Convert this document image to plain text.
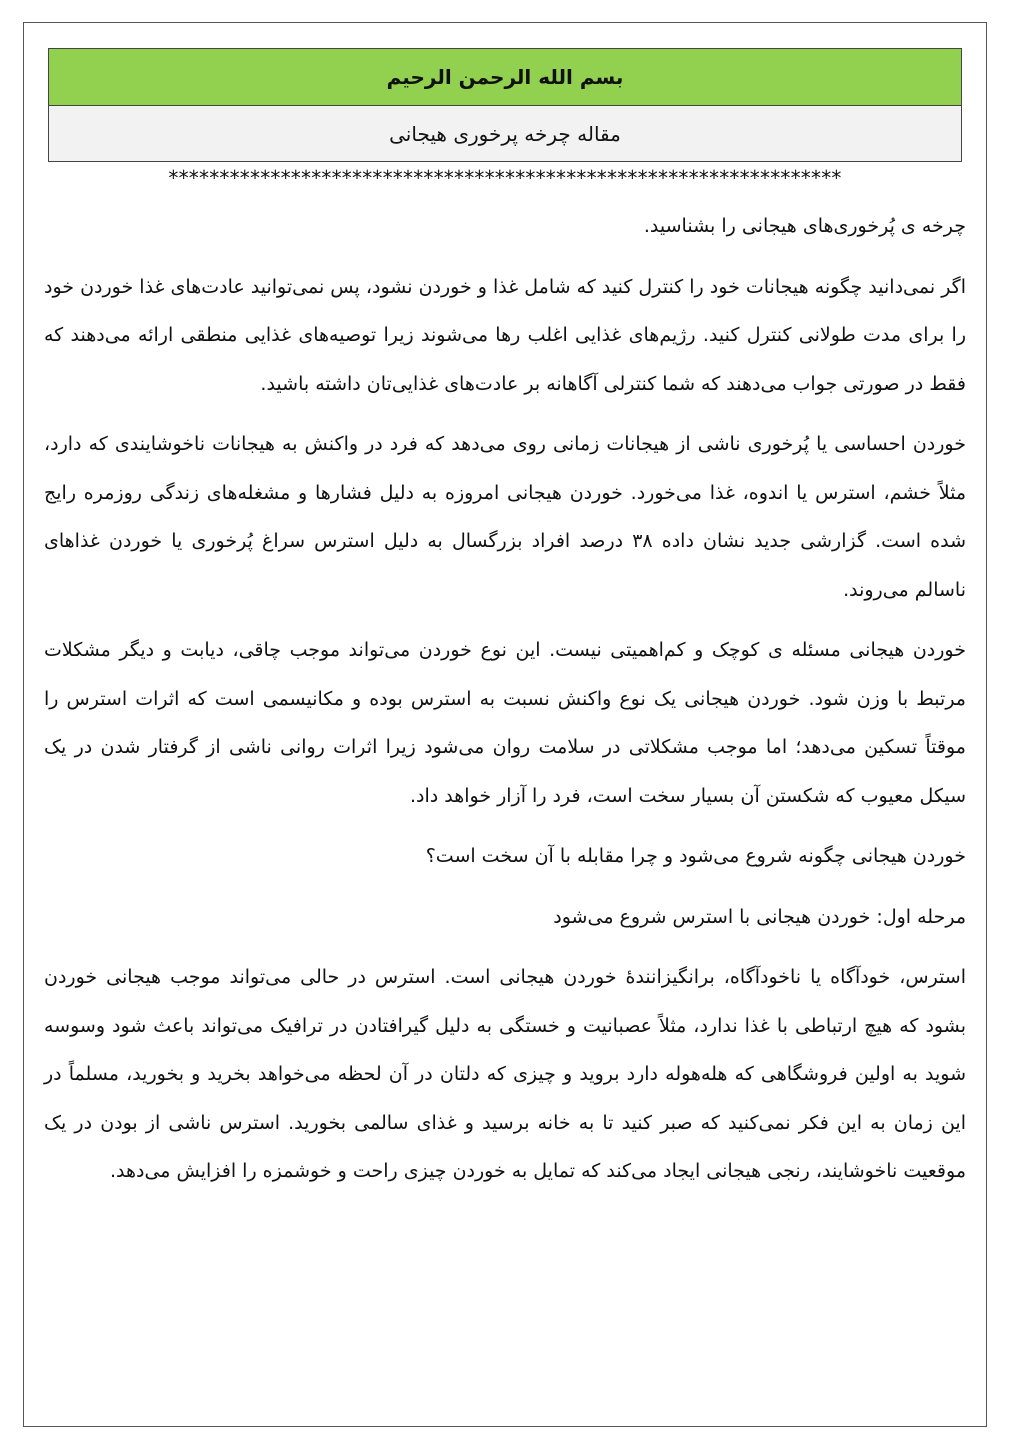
بسم الله الرحمن الرحیم
مقاله چرخه پرخوری هیجانی
******************************************************************

چرخه ی پُرخوری‌های هیجانی را بشناسید.

اگر نمی‌دانید چگونه هیجانات خود را کنترل کنید که شامل غذا و خوردن نشود، پس نمی‌توانید عادت‌های غذا خوردن خود را برای مدت طولانی کنترل کنید. رژیم‌های غذایی اغلب رها می‌شوند زیرا توصیه‌های غذایی منطقی ارائه می‌دهند که فقط در صورتی جواب می‌دهند که شما کنترلی آگاهانه بر عادت‌های غذایی‌تان داشته باشید.

خوردن احساسی یا پُرخوری ناشی از هیجانات زمانی روی می‌دهد که فرد در واکنش به هیجانات ناخوشایندی که دارد، مثلاً خشم، استرس یا اندوه، غذا می‌خورد. خوردن هیجانی امروزه به دلیل فشارها و مشغله‌های زندگی روزمره رایج شده است. گزارشی جدید نشان داده ۳۸ درصد افراد بزرگسال به دلیل استرس سراغ پُرخوری یا خوردن غذاهای ناسالم می‌روند.

خوردن هیجانی مسئله ی کوچک و کم‌اهمیتی نیست. این نوع خوردن می‌تواند موجب چاقی، دیابت و دیگر مشکلات مرتبط با وزن شود. خوردن هیجانی یک نوع واکنش نسبت به استرس بوده و مکانیسمی است که اثرات استرس را موقتاً تسکین می‌دهد؛ اما موجب مشکلاتی در سلامت روان می‌شود زیرا اثرات روانی ناشی از گرفتار شدن در یک سیکل معیوب که شکستن آن بسیار سخت است، فرد را آزار خواهد داد.

خوردن هیجانی چگونه شروع می‌شود و چرا مقابله با آن سخت است؟

مرحله اول: خوردن هیجانی با استرس شروع می‌شود

استرس، خودآگاه یا ناخودآگاه، برانگیزانندهٔ خوردن هیجانی است. استرس در حالی می‌تواند موجب هیجانی خوردن بشود که هیچ ارتباطی با غذا ندارد، مثلاً عصبانیت و خستگی به دلیل گیرافتادن در ترافیک می‌تواند باعث شود وسوسه شوید به اولین فروشگاهی که هله‌هوله دارد بروید و چیزی که دلتان در آن لحظه می‌خواهد بخرید و بخورید، مسلماً در این زمان به این فکر نمی‌کنید که صبر کنید تا به خانه برسید و غذای سالمی بخورید. استرس ناشی از بودن در یک موقعیت ناخوشایند، رنجی هیجانی ایجاد می‌کند که تمایل به خوردن چیزی راحت و خوشمزه را افزایش می‌دهد.
